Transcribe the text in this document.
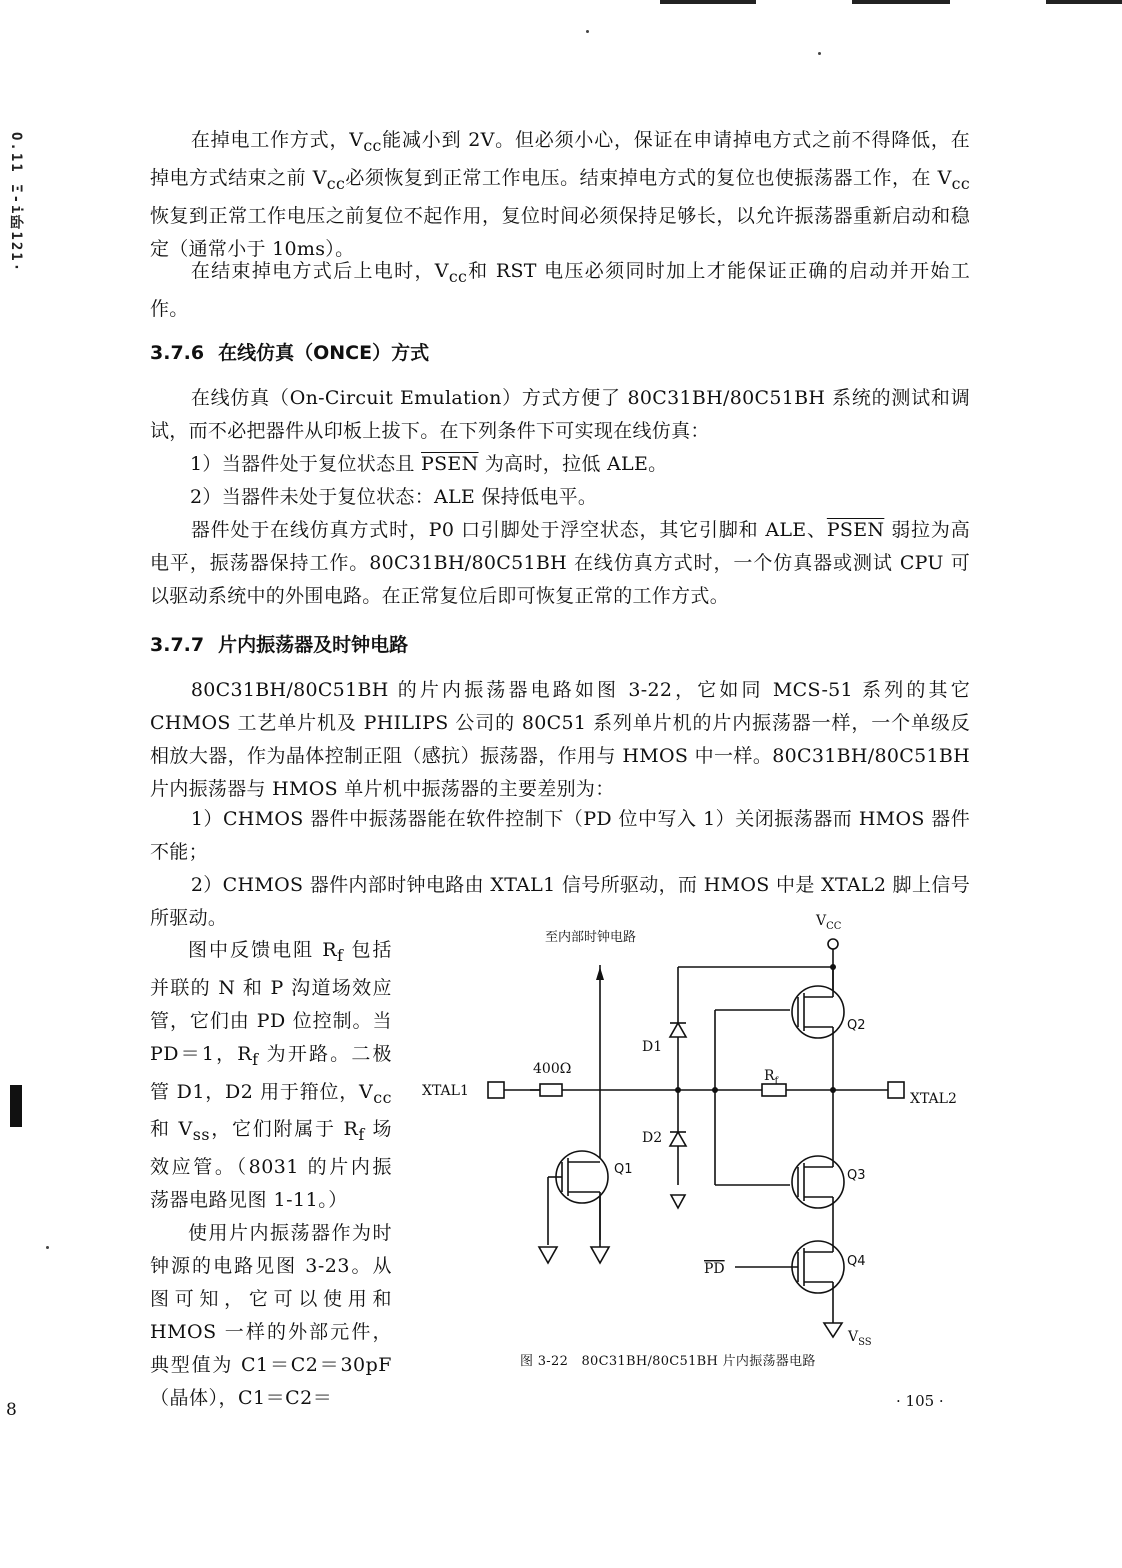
O.11 Ξ-i卧121·	在掉电工作方式，$V_{cc}$能减小到 2V。但必须小心，保证在申请掉电方式之前不得降低，在掉电方式结束之前 $V_{cc}$必须恢复到正常工作电压。结束掉电方式的复位也使振荡器工作，在 $V_{cc}$恢复到正常工作电压之前复位不起作用，复位时间必须保持足够长，以允许振荡器重新启动和稳定（通常小于 10ms）。

在结束掉电方式后上电时，$V_{cc}$和 RST 电压必须同时加上才能保证正确的启动并开始工作。

3.7.6 在线仿真（ONCE）方式

在线仿真（On-Circuit Emulation）方式方便了 80C31BH/80C51BH 系统的测试和调试，而不必把器件从印板上拔下。在下列条件下可实现在线仿真：

1）当器件处于复位状态且 PSEN 为高时，拉低 ALE。

2）当器件未处于复位状态：ALE 保持低电平。

器件处于在线仿真方式时，P0 口引脚处于浮空状态，其它引脚和 ALE、PSEN 弱拉为高电平，振荡器保持工作。80C31BH/80C51BH 在线仿真方式时，一个仿真器或测试 CPU 可以驱动系统中的外围电路。在正常复位后即可恢复正常的工作方式。

3.7.7 片内振荡器及时钟电路

80C31BH/80C51BH 的片内振荡器电路如图 3-22，它如同 MCS-51 系列的其它 CHMOS 工艺单片机及 PHILIPS 公司的 80C51 系列单片机的片内振荡器一样，一个单级反相放大器，作为晶体控制正阻（感抗）振荡器，作用与 HMOS 中一样。80C31BH/80C51BH 片内振荡器与 HMOS 单片机中振荡器的主要差别为：

1）CHMOS 器件中振荡器能在软件控制下（PD 位中写入 1）关闭振荡器而 HMOS 器件不能；

2）CHMOS 器件内部时钟电路由 XTAL1 信号所驱动，而 HMOS 中是 XTAL2 脚上信号所驱动。

图中反馈电阻 $R_f$ 包括并联的 N 和 P 沟道场效应管，它们由 PD 位控制。当 PD＝1，$R_f$ 为开路。二极管 D1，D2 用于箝位，$V_{cc}$和 $V_{ss}$，它们附属于 $R_f$ 场效应管。（8031 的片内振荡器电路见图 1-11。）

使用片内振荡器作为时钟源的电路见图 3-23。从图可知，它可以使用和 HMOS 一样的外部元件，典型值为 C1＝C2＝30pF（晶体），C1＝C2＝

至内部时钟电路
$V_{CC}$
$V_{SS}$
XTAL1	XTAL2
400Ω	$R_f$
D1
D2
Q1
Q2
Q3
Q4
PD
图 3-22　80C31BH/80C51BH 片内振荡器电路
· 105 ·
8
